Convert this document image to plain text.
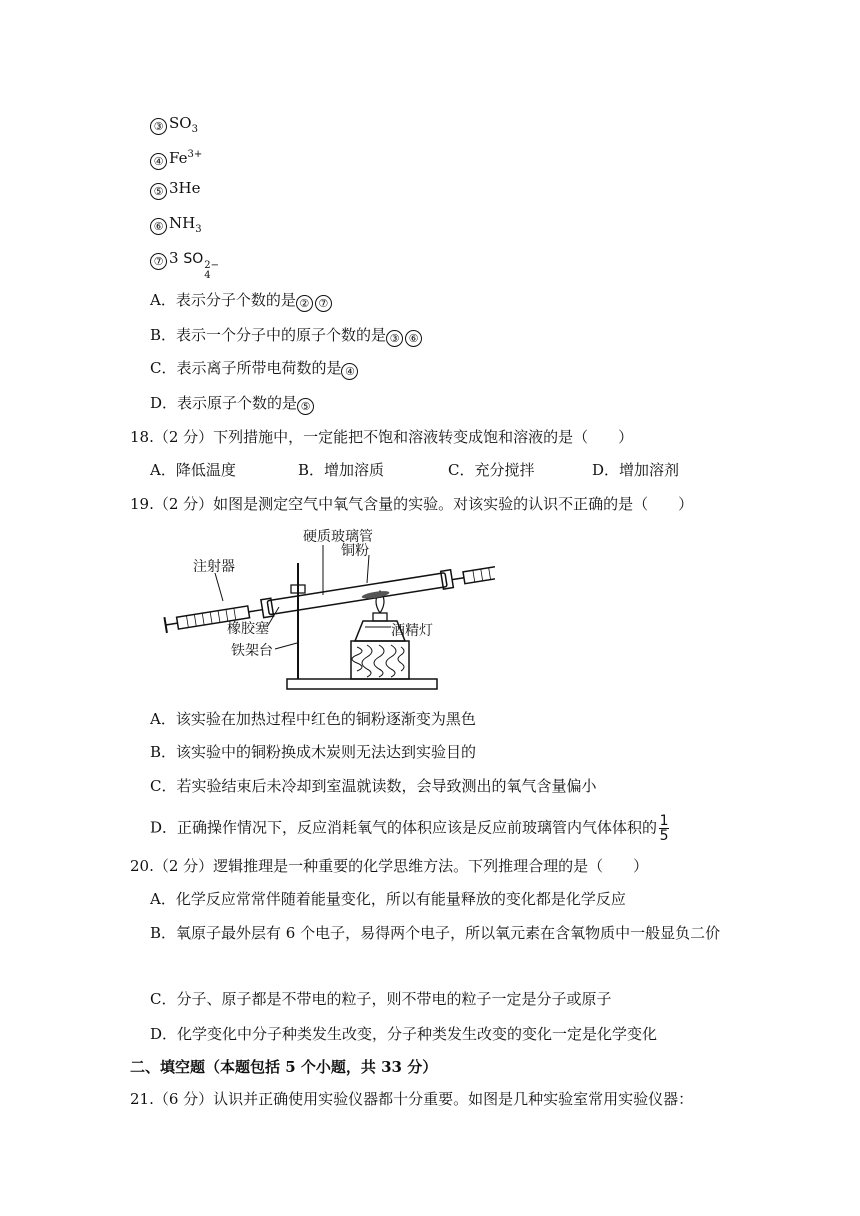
③ $SO_3$
④ $Fe^{3+}$
⑤ 3He
⑥ $NH_3$
⑦ 3 SO 2−
4
A．表示分子个数的是 ② ⑦
B．表示一个分子中的原子个数的是 ③ ⑥
C．表示离子所带电荷数的是 ④
D．表示原子个数的是 ⑤
18.（2 分）下列措施中，一定能把不饱和溶液转变成饱和溶液的是（　　）
A．降低温度	B．增加溶质	C．充分搅拌	D．增加溶剂
19.（2 分）如图是测定空气中氧气含量的实验。对该实验的认识不正确的是（　　）
硬质玻璃管
铜粉
注射器
橡胶塞	酒精灯
铁架台
A．该实验在加热过程中红色的铜粉逐渐变为黑色
B．该实验中的铜粉换成木炭则无法达到实验目的
C．若实验结束后未冷却到室温就读数，会导致测出的氧气含量偏小
D．正确操作情况下，反应消耗氧气的体积应该是反应前玻璃管内气体体积的 $\frac{1}{5}$
20.（2 分）逻辑推理是一种重要的化学思维方法。下列推理合理的是（　　）
A．化学反应常常伴随着能量变化，所以有能量释放的变化都是化学反应
B．氧原子最外层有 6 个电子，易得两个电子，所以氧元素在含氧物质中一般显负二价
C．分子、原子都是不带电的粒子，则不带电的粒子一定是分子或原子
D．化学变化中分子种类发生改变，分子种类发生改变的变化一定是化学变化
二、填空题（本题包括 5 个小题，共 33 分）
21.（6 分）认识并正确使用实验仪器都十分重要。如图是几种实验室常用实验仪器：
